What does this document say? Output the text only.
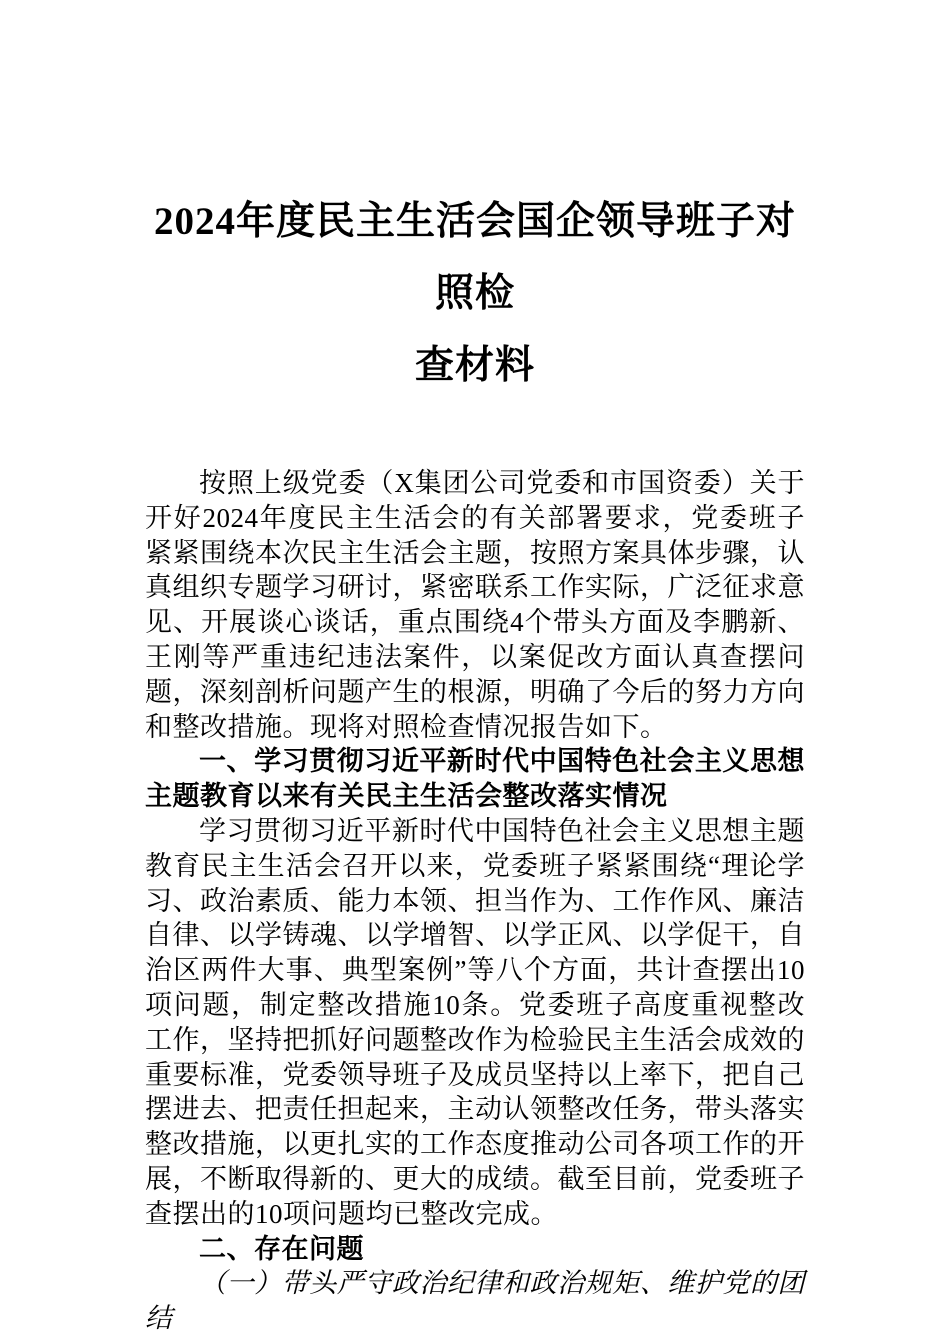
2024年度民主生活会国企领导班子对照检
查材料

按照上级党委（X集团公司党委和市国资委）关于开好2024年度民主生活会的有关部署要求，党委班子紧紧围绕本次民主生活会主题，按照方案具体步骤，认真组织专题学习研讨，紧密联系工作实际，广泛征求意见、开展谈心谈话，重点围绕4个带头方面及李鹏新、王刚等严重违纪违法案件，以案促改方面认真查摆问题，深刻剖析问题产生的根源，明确了今后的努力方向和整改措施。现将对照检查情况报告如下。

一、学习贯彻习近平新时代中国特色社会主义思想主题教育以来有关民主生活会整改落实情况

学习贯彻习近平新时代中国特色社会主义思想主题教育民主生活会召开以来，党委班子紧紧围绕“理论学习、政治素质、能力本领、担当作为、工作作风、廉洁自律、以学铸魂、以学增智、以学正风、以学促干，自治区两件大事、典型案例”等八个方面，共计查摆出10项问题，制定整改措施10条。党委班子高度重视整改工作，坚持把抓好问题整改作为检验民主生活会成效的重要标准，党委领导班子及成员坚持以上率下，把自己摆进去、把责任担起来，主动认领整改任务，带头落实整改措施，以更扎实的工作态度推动公司各项工作的开展，不断取得新的、更大的成绩。截至目前，党委班子查摆出的10项问题均已整改完成。

二、存在问题

（一）带头严守政治纪律和政治规矩、维护党的团结
